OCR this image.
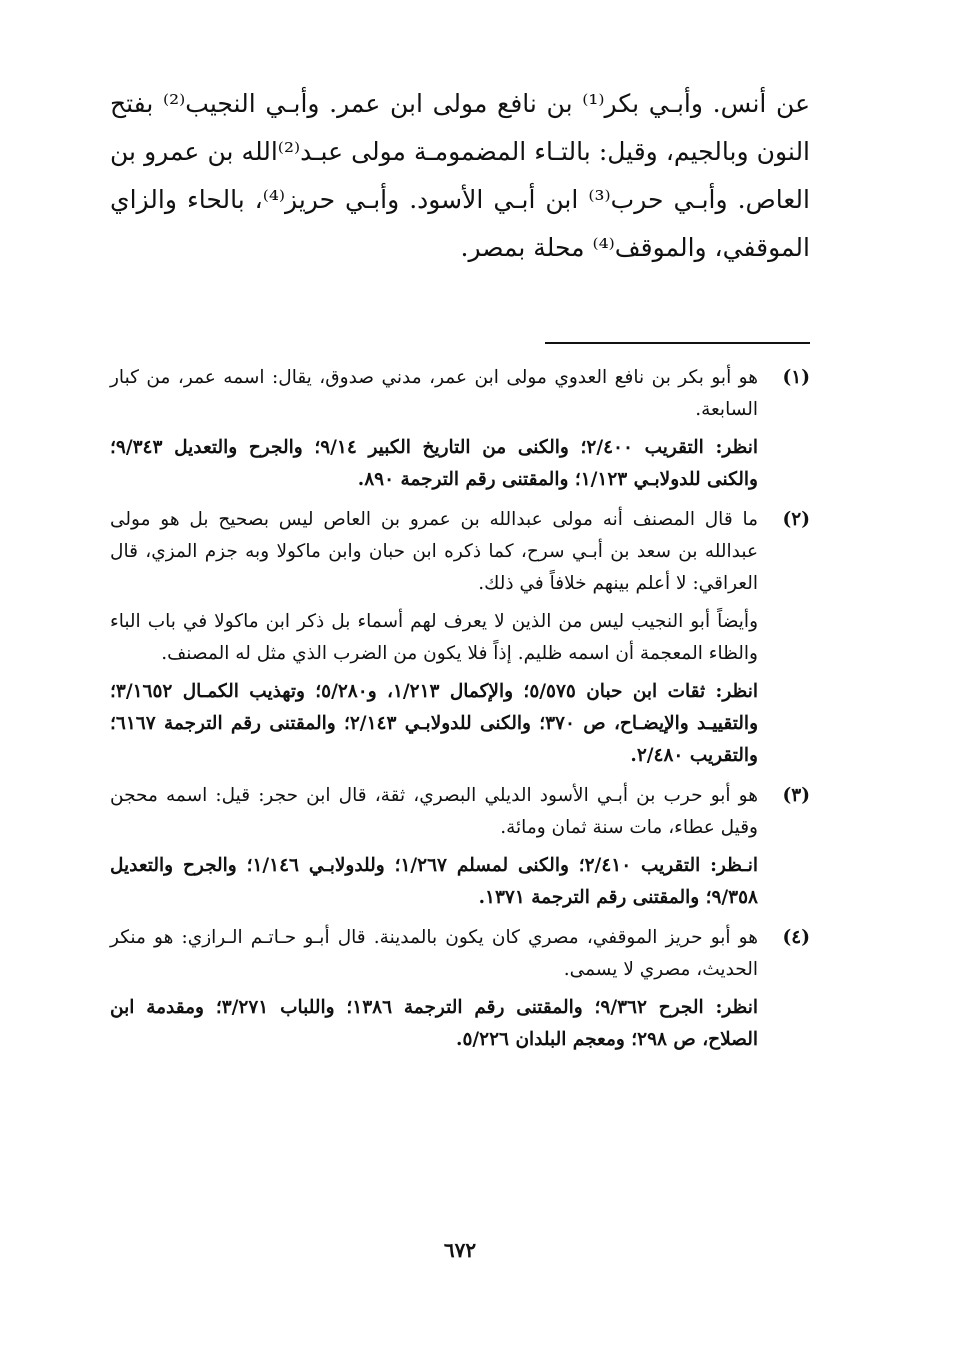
عن أنس. وأبـي بكر⁽¹⁾ بن نافع مولى ابن عمر. وأبـي النجيب⁽²⁾ بفتح النون وبالجيم، وقيل: بالتـاء المضمومـة مولى عبـد⁽²⁾الله بن عمرو بن العاص. وأبـي حرب⁽³⁾ ابن أبـي الأسود. وأبـي حريز⁽⁴⁾، بالحاء والزاي الموقفي، والموقف⁽⁴⁾ محلة بمصر.

(١)

هو أبو بكر بن نافع العدوي مولى ابن عمر، مدني صدوق، يقال: اسمه عمر، من كبار السابعة.

انظر: التقريب ٢/٤٠٠؛ والكنى من التاريخ الكبير ٩/١٤؛ والجرح والتعديل ٩/٣٤٣؛ والكنى للدولابـي ١/١٢٣؛ والمقتنى رقم الترجمة ٨٩٠.

(٢)

ما قال المصنف أنه مولى عبدالله بن عمرو بن العاص ليس بصحيح بل هو مولى عبدالله بن سعد بن أبـي سرح، كما ذكره ابن حبان وابن ماكولا وبه جزم المزي، قال العراقي: لا أعلم بينهم خلافاً في ذلك.

وأيضاً أبو النجيب ليس من الذين لا يعرف لهم أسماء بل ذكر ابن ماكولا في باب الباء والظاء المعجمة أن اسمه ظليم. إذاً فلا يكون من الضرب الذي مثل له المصنف.

انظر: ثقات ابن حبان ٥/٥٧٥؛ والإكمال ١/٢١٣، و٥/٢٨٠؛ وتهذيب الكمـال ٣/١٦٥٢؛ والتقييـد والإيضـاح، ص ٣٧٠؛ والكنى للدولابـي ٢/١٤٣؛ والمقتنى رقم الترجمة ٦١٦٧؛ والتقريب ٢/٤٨٠.

(٣)

هو أبو حرب بن أبـي الأسود الديلي البصري، ثقة، قال ابن حجر: قيل: اسمه محجن وقيل عطاء، مات سنة ثمان ومائة.

انـظر: التقريب ٢/٤١٠؛ والكنى لمسلم ١/٢٦٧؛ وللدولابـي ١/١٤٦؛ والجرح والتعديل ٩/٣٥٨؛ والمقتنى رقم الترجمة ١٣٧١.

(٤)

هو أبو حريز الموقفي، مصري كان يكون بالمدينة. قال أبـو حـاتـم الـرازي: هو منكر الحديث، مصري لا يسمى.

انظر: الجرح ٩/٣٦٢؛ والمقتنى رقم الترجمة ١٣٨٦؛ واللباب ٣/٢٧١؛ ومقدمة ابن الصلاح، ص ٢٩٨؛ ومعجم البلدان ٥/٢٢٦.

٦٧٢
